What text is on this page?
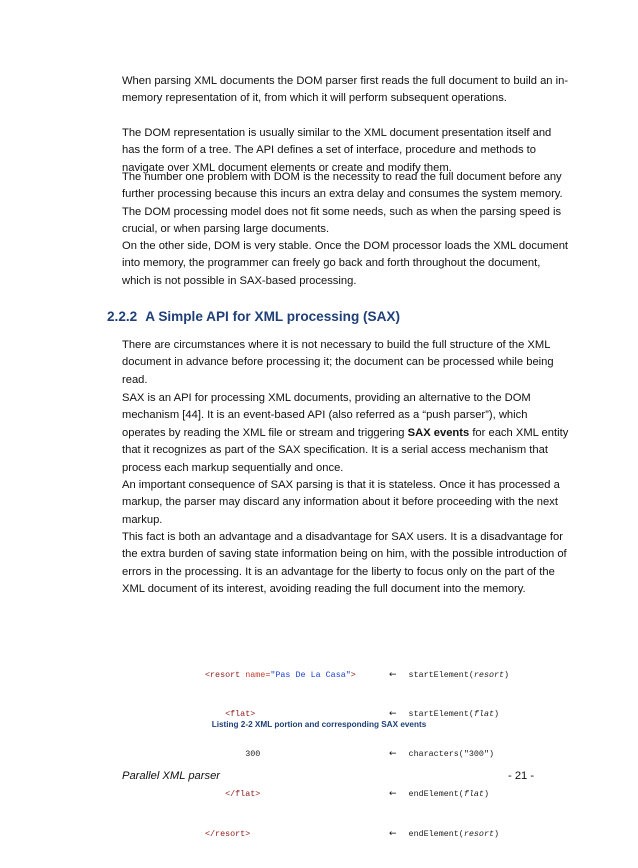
When parsing XML documents the DOM parser first reads the full document to build an in-memory representation of it, from which it will perform subsequent operations.

The DOM representation is usually similar to the XML document presentation itself and has the form of a tree. The API defines a set of interface, procedure and methods to navigate over XML document elements or create and modify them.

The number one problem with DOM is the necessity to read the full document before any further processing because this incurs an extra delay and consumes the system memory. The DOM processing model does not fit some needs, such as when the parsing speed is crucial, or when parsing large documents.

On the other side, DOM is very stable. Once the DOM processor loads the XML document into memory, the programmer can freely go back and forth throughout the document, which is not possible in SAX-based processing.

2.2.2 A Simple API for XML processing (SAX)

There are circumstances where it is not necessary to build the full structure of the XML document in advance before processing it; the document can be processed while being read.

SAX is an API for processing XML documents, providing an alternative to the DOM mechanism [44]. It is an event-based API (also referred as a “push parser”), which operates by reading the XML file or stream and triggering SAX events for each XML entity that it recognizes as part of the SAX specification. It is a serial access mechanism that process each markup sequentially and once.

An important consequence of SAX parsing is that it is stateless. Once it has processed a markup, the parser may discard any information about it before proceeding with the next markup.

This fact is both an advantage and a disadvantage for SAX users. It is a disadvantage for the extra burden of saving state information being on him, with the possible introduction of errors in the processing. It is an advantage for the liberty to focus only on the part of the XML document of its interest, avoiding reading the full document into the memory.

<resort name="Pas De La Casa">

<flat>

300

</flat>

</resort>

← startElement(resort)

← startElement(flat)

← characters("300")

← endElement(flat)

← endElement(resort)

Listing 2-2 XML portion and corresponding SAX events
Parallel XML parser	- 21 -
